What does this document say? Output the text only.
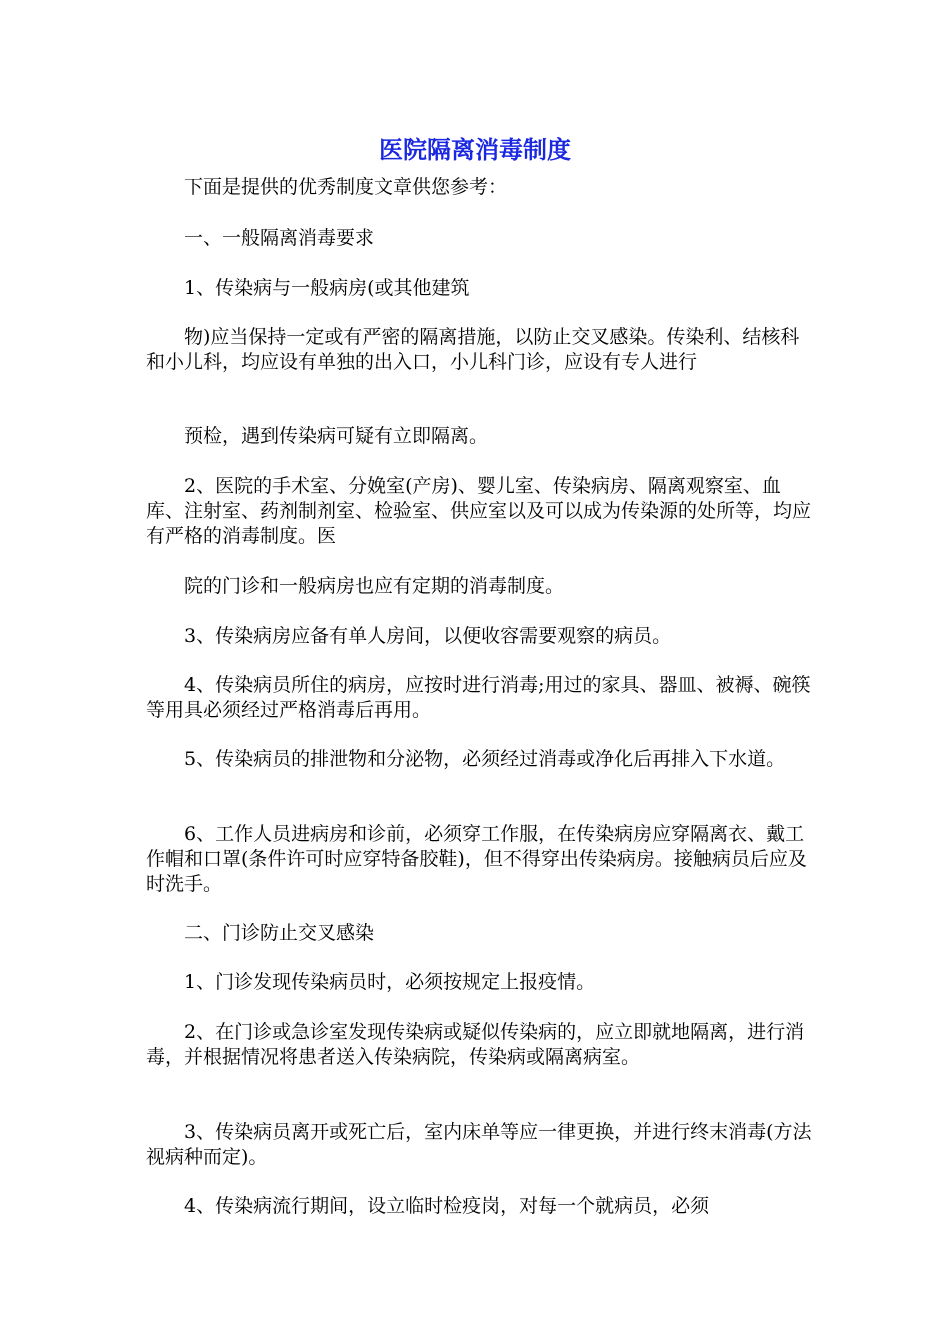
医院隔离消毒制度

下面是提供的优秀制度文章供您参考：

一、一般隔离消毒要求

1、传染病与一般病房(或其他建筑

物)应当保持一定或有严密的隔离措施，以防止交叉感染。传染利、结核科和小儿科，均应设有单独的出入口，小儿科门诊，应设有专人进行

预检，遇到传染病可疑有立即隔离。

2、医院的手术室、分娩室(产房)、婴儿室、传染病房、隔离观察室、血库、注射室、药剂制剂室、检验室、供应室以及可以成为传染源的处所等，均应有严格的消毒制度。医

院的门诊和一般病房也应有定期的消毒制度。

3、传染病房应备有单人房间，以便收容需要观察的病员。

4、传染病员所住的病房，应按时进行消毒;用过的家具、器皿、被褥、碗筷等用具必须经过严格消毒后再用。

5、传染病员的排泄物和分泌物，必须经过消毒或净化后再排入下水道。

6、工作人员进病房和诊前，必须穿工作服，在传染病房应穿隔离衣、戴工作帽和口罩(条件许可时应穿特备胶鞋)，但不得穿出传染病房。接触病员后应及时洗手。

二、门诊防止交叉感染

1、门诊发现传染病员时，必须按规定上报疫情。

2、在门诊或急诊室发现传染病或疑似传染病的，应立即就地隔离，进行消毒，并根据情况将患者送入传染病院，传染病或隔离病室。

3、传染病员离开或死亡后，室内床单等应一律更换，并进行终末消毒(方法视病种而定)。

4、传染病流行期间，设立临时检疫岗，对每一个就病员，必须
